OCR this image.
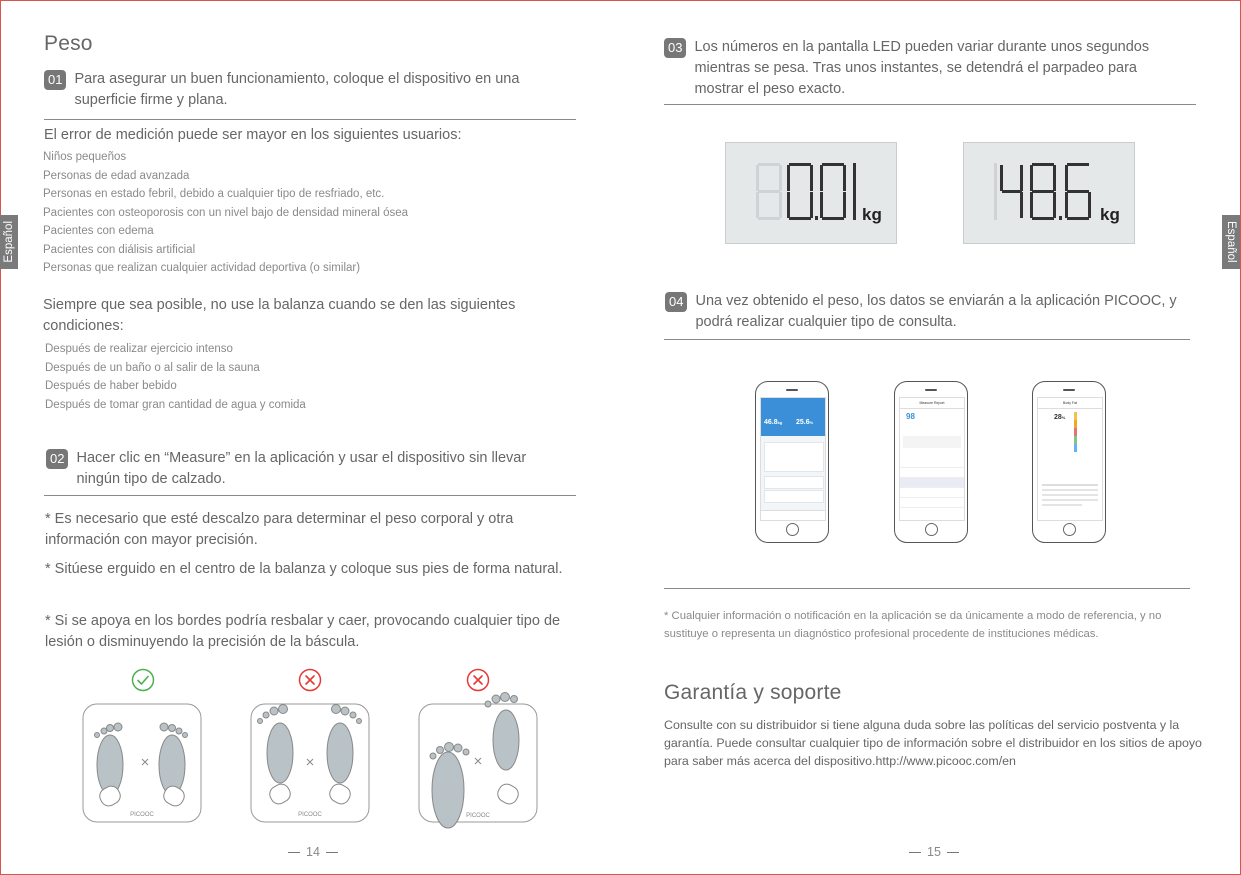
Español	Español
Peso
01 Para asegurar un buen funcionamiento, coloque el dispositivo en una superficie firme y plana.
El error de medición puede ser mayor en los siguientes usuarios:
Niños pequeños
Personas de edad avanzada
Personas en estado febril, debido a cualquier tipo de resfriado, etc.
Pacientes con osteoporosis con un nivel bajo de densidad mineral ósea
Pacientes con edema
Pacientes con diálisis artificial
Personas que realizan cualquier actividad deportiva (o similar)
Siempre que sea posible, no use la balanza cuando se den las siguientes condiciones:
Después de realizar ejercicio intenso
Después de un baño o al salir de la sauna
Después de haber bebido
Después de tomar gran cantidad de agua y comida
02 Hacer clic en “Measure” en la aplicación y usar el dispositivo sin llevar ningún tipo de calzado.
* Es necesario que esté descalzo para determinar el peso corporal y otra información con mayor precisión.
* Sitúese erguido en el centro de la balanza y coloque sus pies de forma natural.
* Si se apoya en los bordes podría resbalar y caer, provocando cualquier tipo de lesión o disminuyendo la precisión de la báscula.
PICOOC	PICOOC	PICOOC
14
03 Los números en la pantalla LED pueden variar durante unos segundos mientras se pesa. Tras unos instantes, se detendrá el parpadeo para mostrar el peso exacto.
kg	kg
04 Una vez obtenido el peso, los datos se enviarán a la aplicación PICOOC, y podrá realizar cualquier tipo de consulta.
46.8kg 25.6%
Measure Report
98
Body Fat
28%
* Cualquier información o notificación en la aplicación se da únicamente a modo de referencia, y no sustituye o representa un diagnóstico profesional procedente de instituciones médicas.
Garantía y soporte
Consulte con su distribuidor si tiene alguna duda sobre las políticas del servicio postventa y la garantía. Puede consultar cualquier tipo de información sobre el distribuidor en los sitios de apoyo para saber más acerca del dispositivo.http://www.picooc.com/en
15
